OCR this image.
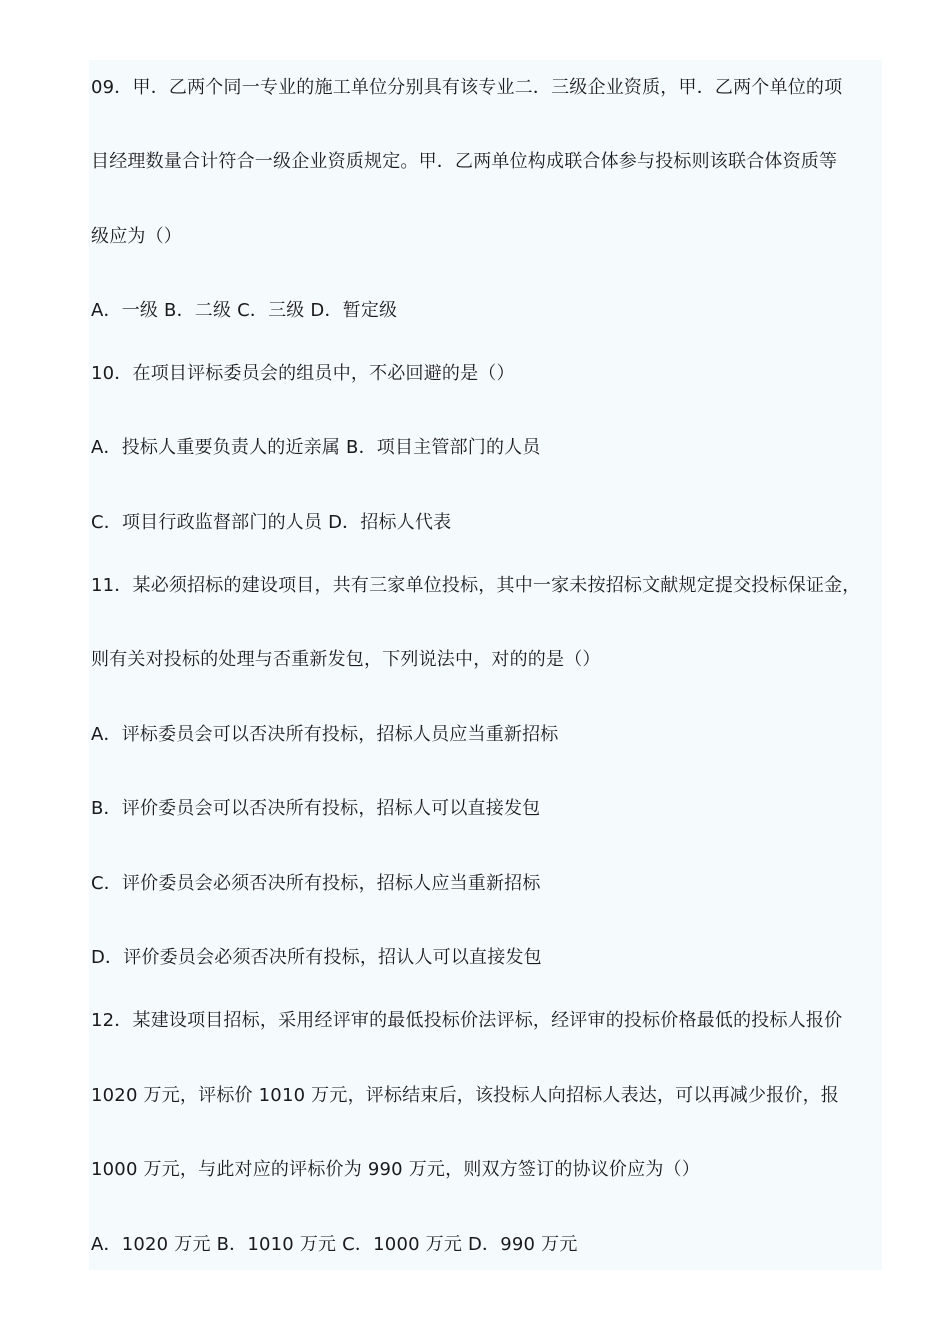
09．甲．乙两个同一专业的施工单位分别具有该专业二．三级企业资质，甲．乙两个单位的项
目经理数量合计符合一级企业资质规定。甲．乙两单位构成联合体参与投标则该联合体资质等
级应为（）
A．一级 B．二级 C．三级 D．暂定级
10．在项目评标委员会的组员中，不必回避的是（）
A．投标人重要负责人的近亲属 B．项目主管部门的人员
C．项目行政监督部门的人员 D．招标人代表
11．某必须招标的建设项目，共有三家单位投标，其中一家未按招标文献规定提交投标保证金，
则有关对投标的处理与否重新发包，下列说法中，对的的是（）
A．评标委员会可以否决所有投标，招标人员应当重新招标
B．评价委员会可以否决所有投标，招标人可以直接发包
C．评价委员会必须否决所有投标，招标人应当重新招标
D．评价委员会必须否决所有投标，招认人可以直接发包
12．某建设项目招标，采用经评审的最低投标价法评标，经评审的投标价格最低的投标人报价
1020 万元，评标价 1010 万元，评标结束后，该投标人向招标人表达，可以再减少报价，报
1000 万元，与此对应的评标价为 990 万元，则双方签订的协议价应为（）
A．1020 万元 B．1010 万元 C．1000 万元 D．990 万元
